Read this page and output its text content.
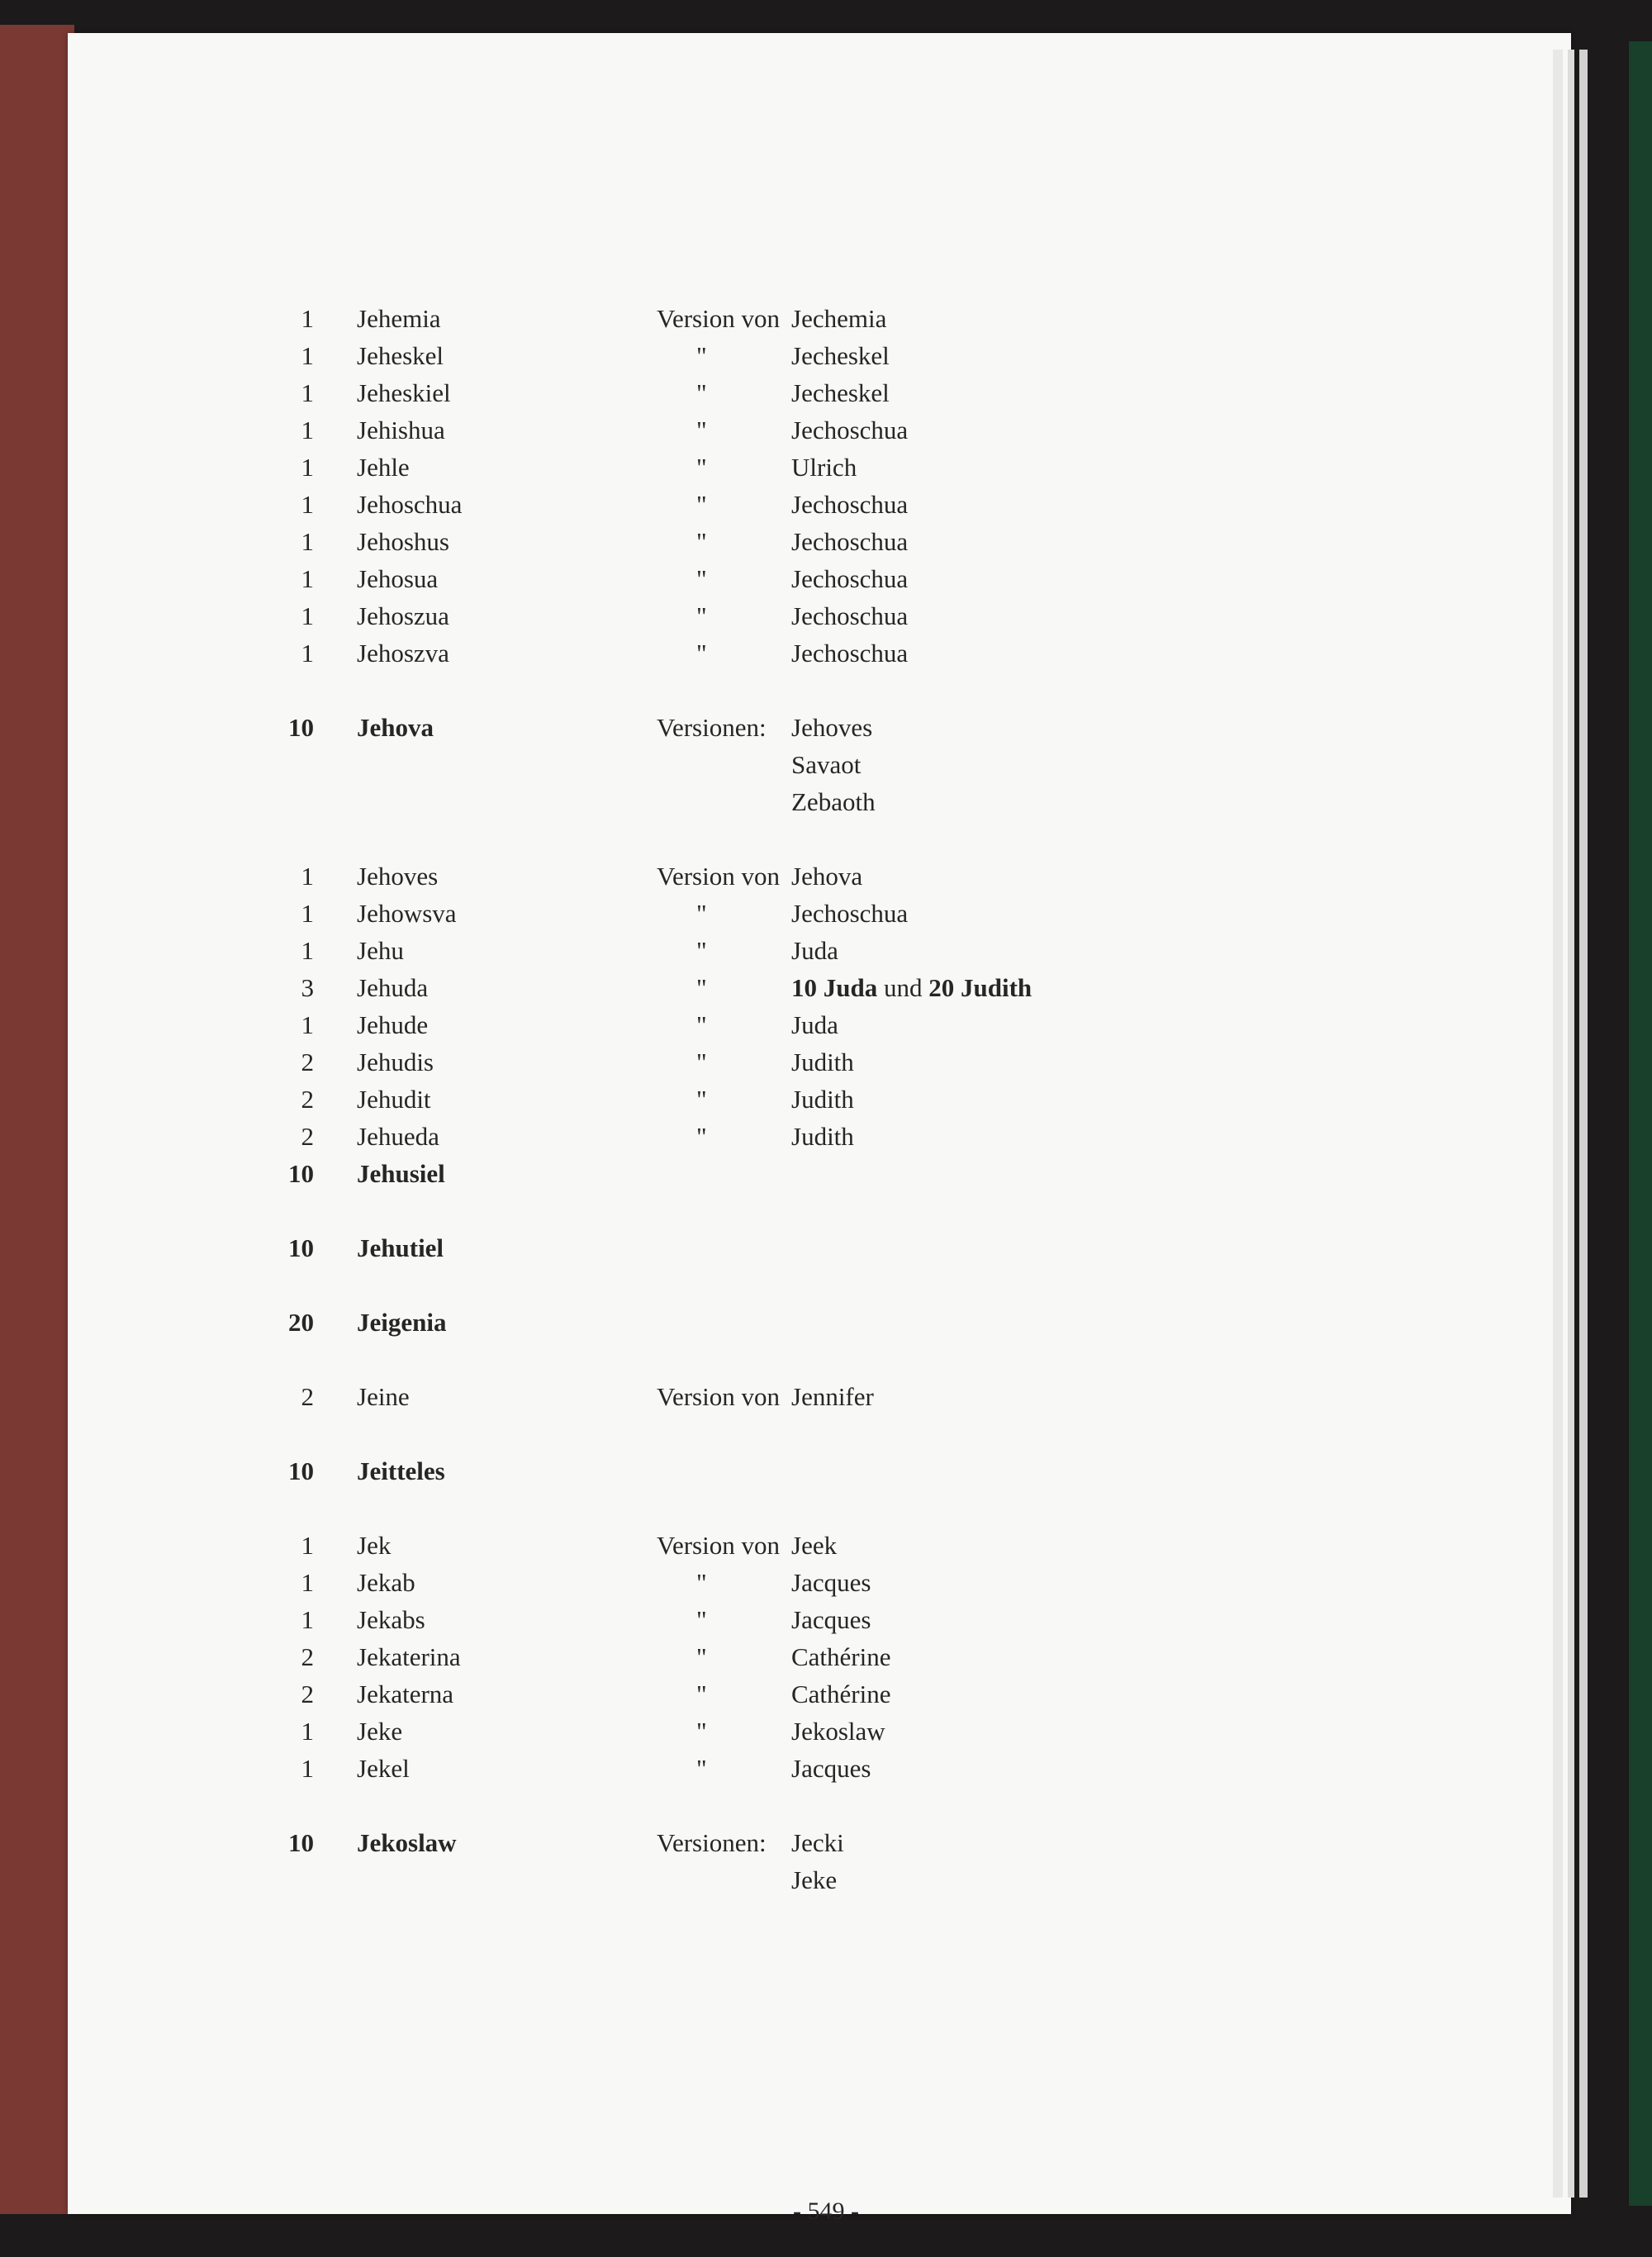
1 Jehemia	Version von Jechemia
1 Jeheskel	"	Jecheskel
1 Jeheskiel	"	Jecheskel
1 Jehishua	"	Jechoschua
1 Jehle	"	Ulrich
1 Jehoschua	"	Jechoschua
1 Jehoshus	"	Jechoschua
1 Jehosua	"	Jechoschua
1 Jehoszua	"	Jechoschua
1 Jehoszva	"	Jechoschua
10 Jehova	Versionen: Jehoves
Savaot
Zebaoth
1 Jehoves	Version von Jehova
1 Jehowsva	"	Jechoschua
1 Jehu	"	Juda
3 Jehuda	"	10 Juda und 20 Judith
1 Jehude	"	Juda
2 Jehudis	"	Judith
2 Jehudit	"	Judith
2 Jehueda	"	Judith
10 Jehusiel
10 Jehutiel
20 Jeigenia
2 Jeine	Version von Jennifer
10 Jeitteles
1 Jek	Version von Jeek
1 Jekab	"	Jacques
1 Jekabs	"	Jacques
2 Jekaterina	"	Cathérine
2 Jekaterna	"	Cathérine
1 Jeke	"	Jekoslaw
1 Jekel	"	Jacques
10 Jekoslaw	Versionen: Jecki
Jeke
- 549 -
